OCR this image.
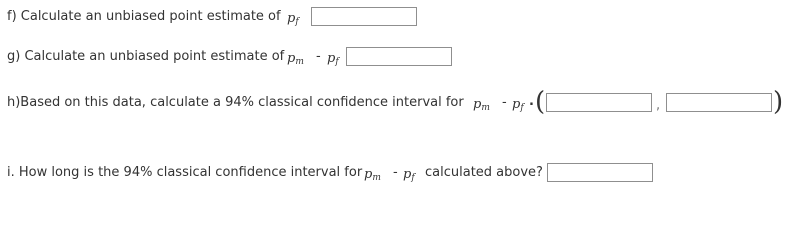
f) Calculate an unbiased point estimate of $p_f$
g) Calculate an unbiased point estimate of $p_m - p_f$
h)Based on this data, calculate a 94% classical confidence interval for $p_m - p_f$ . (	,	)
i. How long is the 94% classical confidence interval for $p_m - p_f$ calculated above?
